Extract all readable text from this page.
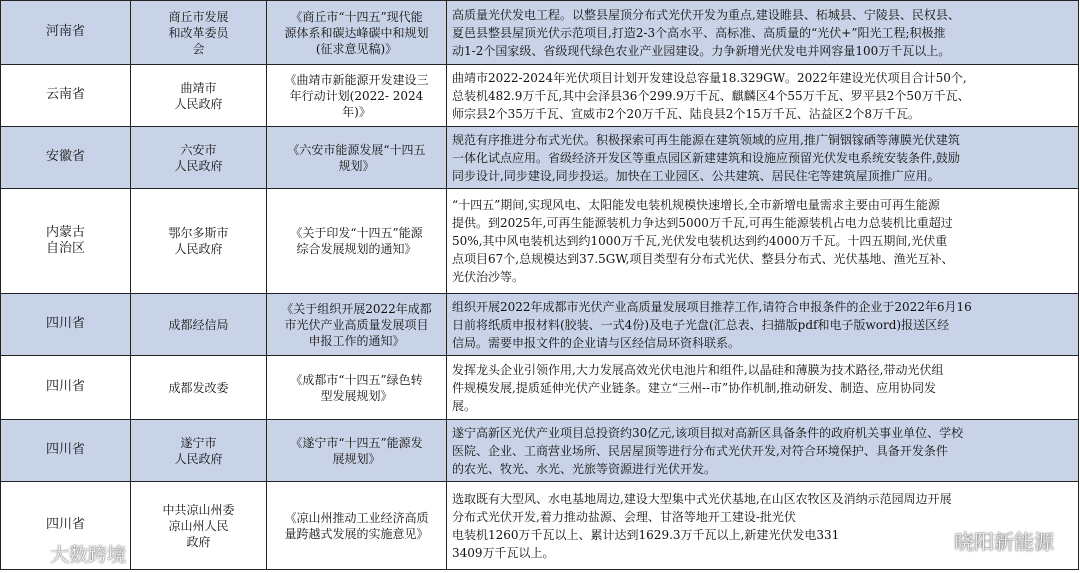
河南省	商丘市发展
和改革委员
会	《商丘市“十四五”现代能
源体系和碳达峰碳中和规划
(征求意见稿)》	高质量光伏发电工程。以整县屋顶分布式光伏开发为重点,建设睢县、柘城县、宁陵县、民权县、
夏邑县整县屋顶光伏示范项目,打造2-3个高水平、高标准、高质量的“光伏+”阳光工程;积极推
动1-2个国家级、省级现代绿色农业产业园建设。力争新增光伏发电并网容量100万千瓦以上。

云南省	曲靖市
人民政府	《曲靖市新能源开发建设三
年行动计划(2022- 2024
年)》	曲靖市2022-2024年光伏项目计划开发建设总容量18.329GW。2022年建设光伏项目合计50个,
总装机482.9万千瓦,其中会泽县36个299.9万千瓦、麒麟区4个55万千瓦、罗平县2个50万千瓦、
师宗县2个35万千瓦、宣威市2个20万千瓦、陆良县2个15万千瓦、沾益区2个8万千瓦。

安徽省	六安市
人民政府	《六安市能源发展“十四五
规划》	规范有序推进分布式光伏。积极探索可再生能源在建筑领域的应用,推广铜铟镓硒等薄膜光伏建筑
一体化试点应用。省级经济开发区等重点园区新建建筑和设施应预留光伏发电系统安装条件,鼓励
同步设计,同步建设,同步投运。加快在工业园区、公共建筑、居民住宅等建筑屋顶推广应用。

内蒙古
自治区	鄂尔多斯市
人民政府	《关于印发“十四五”能源
综合发展规划的通知》	“十四五”期间,实现风电、太阳能发电装机规模快速增长,全市新增电量需求主要由可再生能源
提供。到2025年,可再生能源装机力争达到5000万千瓦,可再生能源装机占电力总装机比重超过
50%,其中风电装机达到约1000万千瓦,光伏发电装机达到约4000万千瓦。十四五期间,光伏重
点项目67个,总规模达到37.5GW,项目类型有分布式光伏、整县分布式、光伏基地、渔光互补、
光伏治沙等。

四川省	成都经信局	《关于组织开展2022年成都
市光伏产业高质量发展项目
申报工作的通知》	组织开展2022年成都市光伏产业高质量发展项目推荐工作,请符合申报条件的企业于2022年6月16
日前将纸质申报材料(胶装、一式4份)及电子光盘(汇总表、扫描版pdf和电子版word)报送区经
信局。需要申报文件的企业请与区经信局环资科联系。

四川省	成都发改委	《成都市“十四五”绿色转
型发展规划》	发挥龙头企业引领作用,大力发展高效光伏电池片和组件,以晶硅和薄膜为技术路径,带动光伏组
件规模发展,提质延伸光伏产业链条。建立“三州--市”协作机制,推动研发、制造、应用协同发
展。

四川省	遂宁市
人民政府	《遂宁市“十四五”能源发
展规划》	遂宁高新区光伏产业项目总投资约30亿元,该项目拟对高新区具备条件的政府机关事业单位、学校
医院、企业、工商营业场所、民居屋顶等进行分布式光伏开发,对符合环境保护、具备开发条件
的农光、牧光、水光、光旅等资源进行光伏开发。

四川省	中共凉山州委
凉山州人民
政府	《凉山州推动工业经济高质
量跨越式发展的实施意见》	选取既有大型风、水电基地周边,建设大型集中式光伏基地,在山区农牧区及消纳示范园周边开展
分布式光伏开发,着力推动盐源、会理、甘洛等地开工建设-批光伏
电装机1260万千瓦以上、累计达到1629.3万千瓦以上,新建光伏发电331
3409万千瓦以上。	晓阳新能源
大数跨境
